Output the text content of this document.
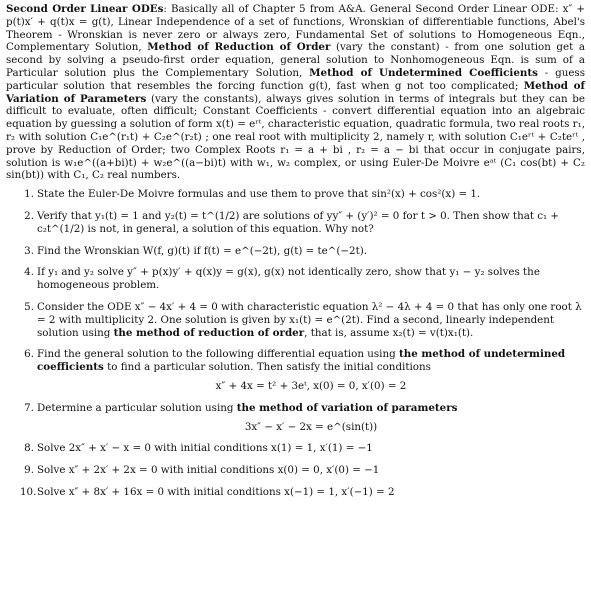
Second Order Linear ODEs: Basically all of Chapter 5 from A&A. General Second Order Linear ODE: x″ + p(t)x′ + q(t)x = g(t), Linear Independence of a set of functions, Wronskian of differentiable functions, Abel's Theorem - Wronskian is never zero or always zero, Fundamental Set of solutions to Homogeneous Eqn., Complementary Solution, Method of Reduction of Order (vary the constant) - from one solution get a second by solving a pseudo-first order equation, general solution to Nonhomogeneous Eqn. is sum of a Particular solution plus the Complementary Solution, Method of Undetermined Coefficients - guess particular solution that resembles the forcing function g(t), fast when g not too complicated; Method of Variation of Parameters (vary the constants), always gives solution in terms of integrals but they can be difficult to evaluate, often difficult; Constant Coefficients - convert differential equation into an algebraic equation by guessing a solution of form x(t) = eʳᵗ, characteristic equation, quadratic formula, two real roots r₁, r₂ with solution C₁e^(r₁t) + C₂e^(r₂t) ; one real root with multiplicity 2, namely r, with solution C₁eʳᵗ + C₂teʳᵗ , prove by Reduction of Order; two Complex Roots r₁ = a + bi , r₂ = a − bi that occur in conjugate pairs, solution is w₁e^((a+bi)t) + w₂e^((a−bi)t) with w₁, w₂ complex, or using Euler-De Moivre eᵃᵗ (C₁ cos(bt) + C₂ sin(bt)) with C₁, C₂ real numbers.

1. State the Euler-De Moivre formulas and use them to prove that sin²(x) + cos²(x) = 1.
2. Verify that y₁(t) = 1 and y₂(t) = t^(1/2) are solutions of yy″ + (y′)² = 0 for t > 0. Then show that c₁ + c₂t^(1/2) is not, in general, a solution of this equation. Why not?
3. Find the Wronskian W(f, g)(t) if f(t) = e^(−2t), g(t) = te^(−2t).
4. If y₁ and y₂ solve y″ + p(x)y′ + q(x)y = g(x), g(x) not identically zero, show that y₁ − y₂ solves the homogeneous problem.
5. Consider the ODE x″ − 4x′ + 4 = 0 with characteristic equation λ² − 4λ + 4 = 0 that has only one root λ = 2 with multiplicity 2. One solution is given by x₁(t) = e^(2t). Find a second, linearly independent solution using the method of reduction of order, that is, assume x₂(t) = v(t)x₁(t).
6. Find the general solution to the following differential equation using the method of undetermined coefficients to find a particular solution. Then satisfy the initial conditions
x″ + 4x = t² + 3eᵗ, x(0) = 0, x′(0) = 2
7. Determine a particular solution using the method of variation of parameters
3x″ − x′ − 2x = e^(sin(t))
8. Solve 2x″ + x′ − x = 0 with initial conditions x(1) = 1, x′(1) = −1
9. Solve x″ + 2x′ + 2x = 0 with initial conditions x(0) = 0, x′(0) = −1
10. Solve x″ + 8x′ + 16x = 0 with initial conditions x(−1) = 1, x′(−1) = 2
